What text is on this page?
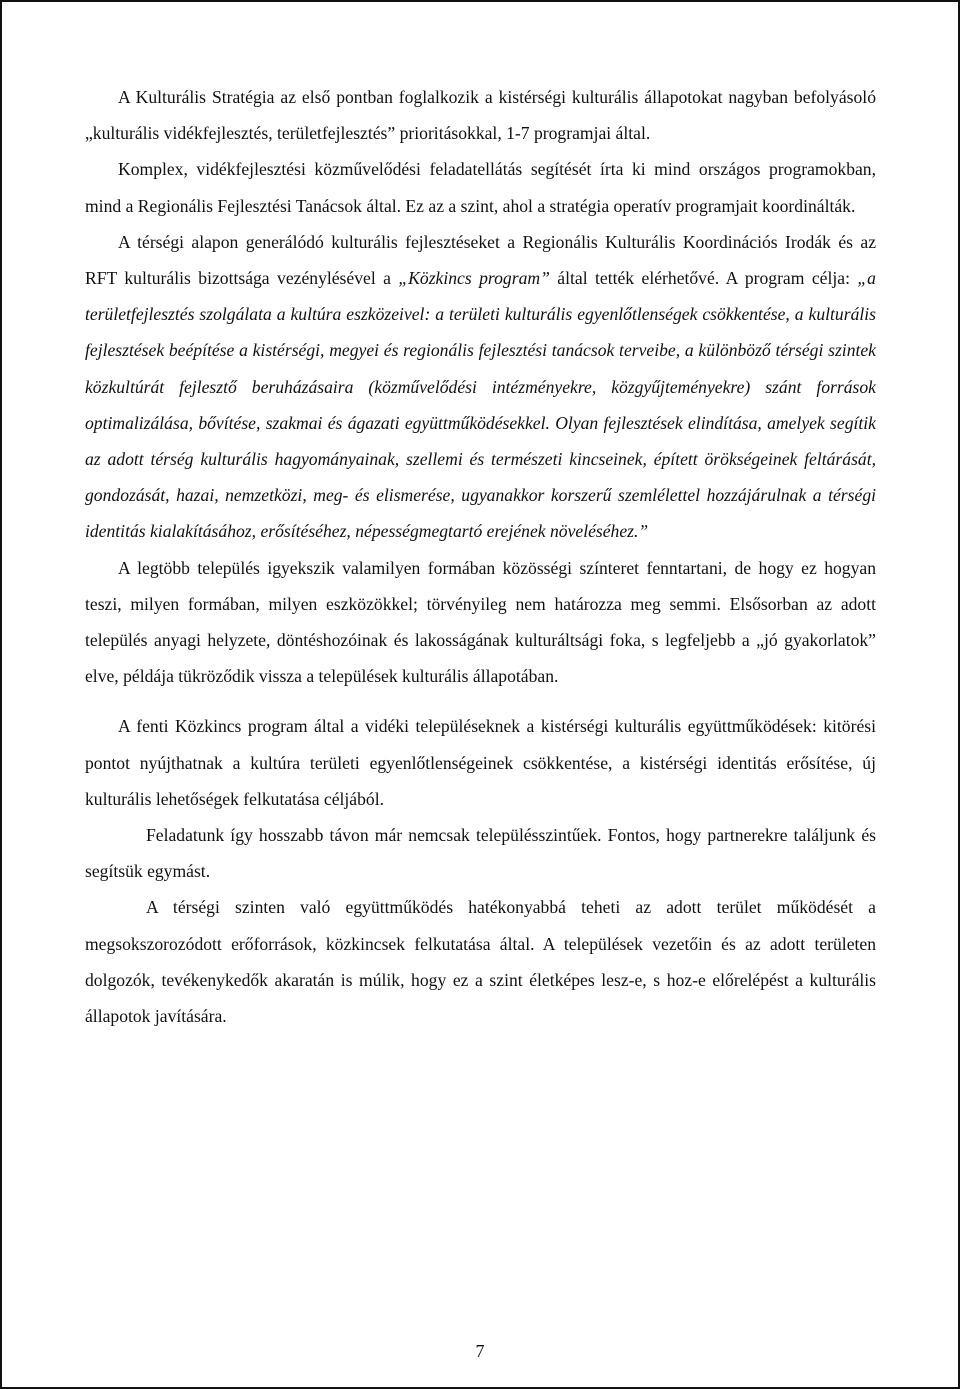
A Kulturális Stratégia az első pontban foglalkozik a kistérségi kulturális állapotokat nagyban befolyásoló „kulturális vidékfejlesztés, területfejlesztés” prioritásokkal, 1-7 programjai által.

Komplex, vidékfejlesztési közművelődési feladatellátás segítését írta ki mind országos programokban, mind a Regionális Fejlesztési Tanácsok által. Ez az a szint, ahol a stratégia operatív programjait koordinálták.

A térségi alapon generálódó kulturális fejlesztéseket a Regionális Kulturális Koordinációs Irodák és az RFT kulturális bizottsága vezénylésével a „Közkincs program” által tették elérhetővé. A program célja: „a területfejlesztés szolgálata a kultúra eszközeivel: a területi kulturális egyenlőtlenségek csökkentése, a kulturális fejlesztések beépítése a kistérségi, megyei és regionális fejlesztési tanácsok terveibe, a különböző térségi szintek közkultúrát fejlesztő beruházásaira (közművelődési intézményekre, közgyűjteményekre) szánt források optimalizálása, bővítése, szakmai és ágazati együttműködésekkel. Olyan fejlesztések elindítása, amelyek segítik az adott térség kulturális hagyományainak, szellemi és természeti kincseinek, épített örökségeinek feltárását, gondozását, hazai, nemzetközi, meg- és elismerése, ugyanakkor korszerű szemlélettel hozzájárulnak a térségi identitás kialakításához, erősítéséhez, népességmegtartó erejének növeléséhez.”

A legtöbb település igyekszik valamilyen formában közösségi színteret fenntartani, de hogy ez hogyan teszi, milyen formában, milyen eszközökkel; törvényileg nem határozza meg semmi. Elsősorban az adott település anyagi helyzete, döntéshozóinak és lakosságának kulturáltsági foka, s legfeljebb a „jó gyakorlatok” elve, példája tükröződik vissza a települések kulturális állapotában.

A fenti Közkincs program által a vidéki településeknek a kistérségi kulturális együttműködések: kitörési pontot nyújthatnak a kultúra területi egyenlőtlenségeinek csökkentése, a kistérségi identitás erősítése, új kulturális lehetőségek felkutatása céljából.

Feladatunk így hosszabb távon már nemcsak településszintűek. Fontos, hogy partnerekre találjunk és segítsük egymást.

A térségi szinten való együttműködés hatékonyabbá teheti az adott terület működését a megsokszorozódott erőforrások, közkincsek felkutatása által. A települések vezetőin és az adott területen dolgozók, tevékenykedők akaratán is múlik, hogy ez a szint életképes lesz-e, s hoz-e előrelépést a kulturális állapotok javítására.

7
